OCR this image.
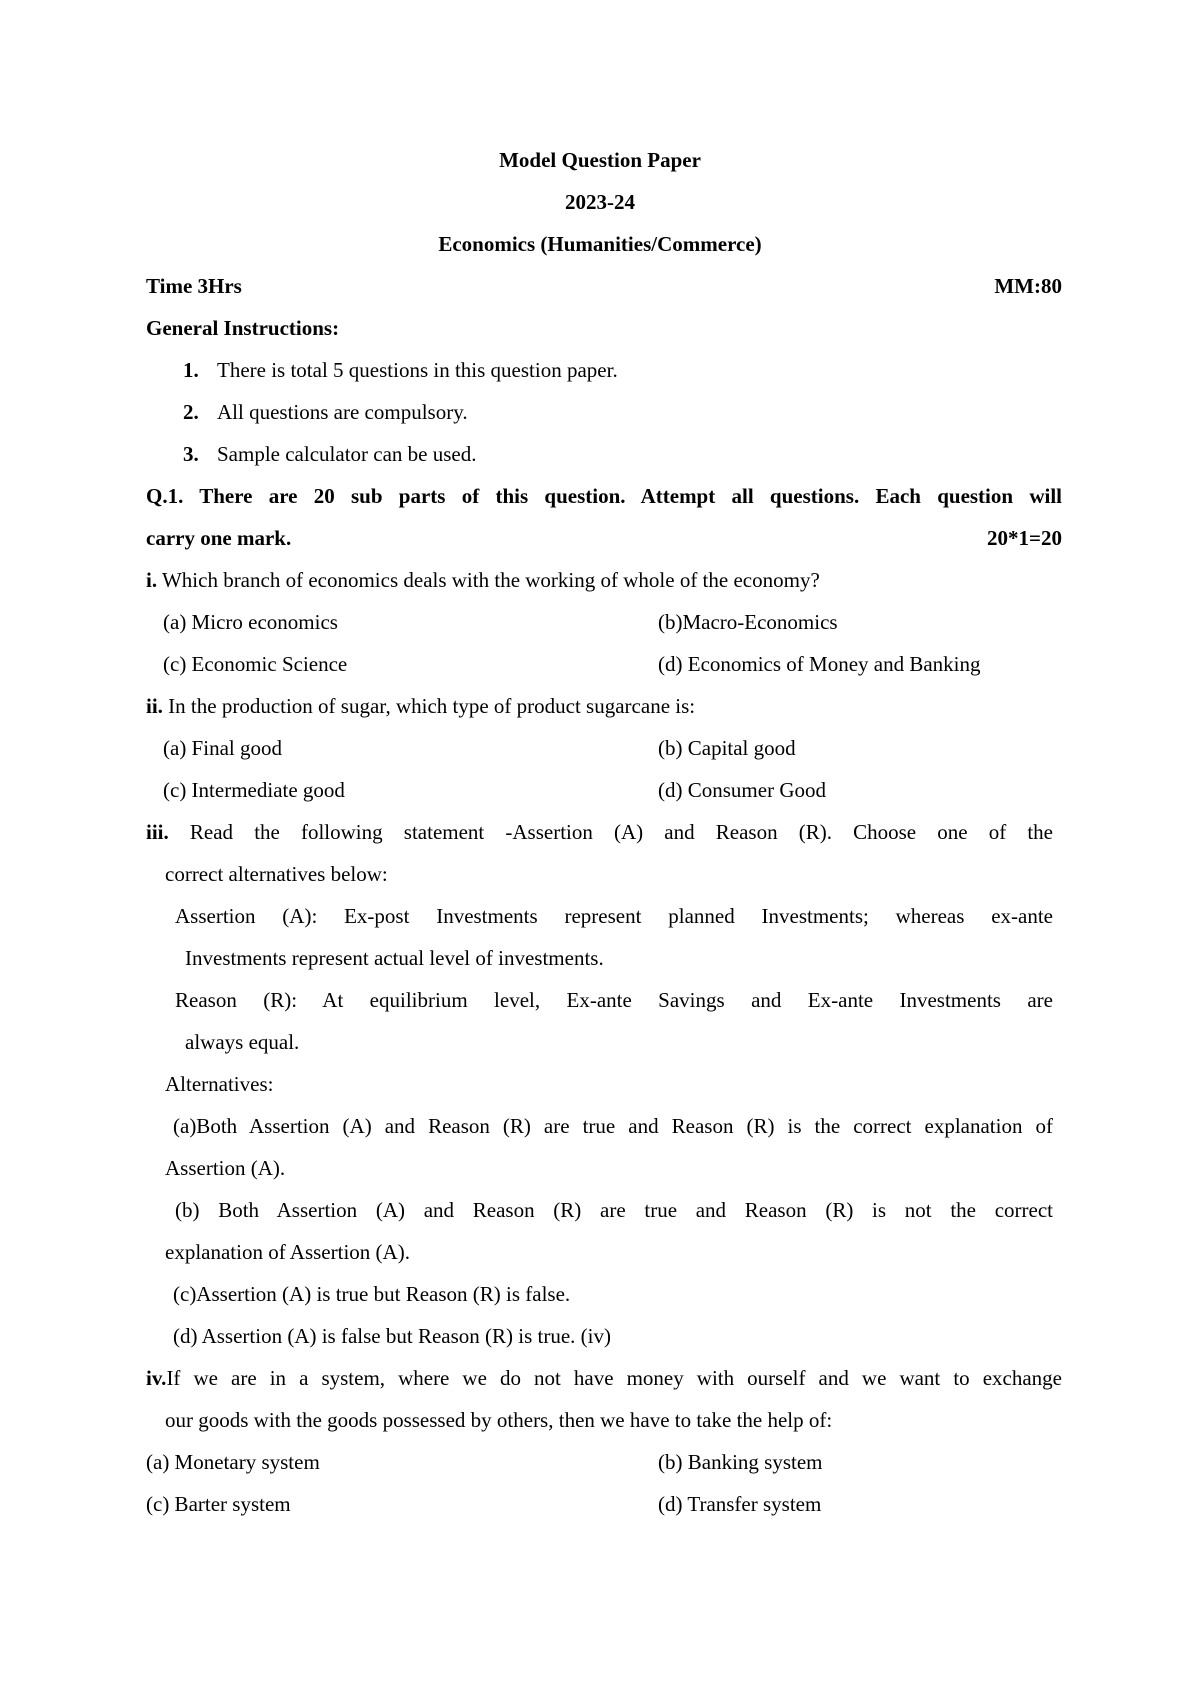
Model Question Paper
2023-24
Economics (Humanities/Commerce)
Time 3Hrs	MM:80
General Instructions:
1. There is total 5 questions in this question paper.
2. All questions are compulsory.
3. Sample calculator can be used.
Q.1. There are 20 sub parts of this question. Attempt all questions. Each question will
carry one mark.	20*1=20
i. Which branch of economics deals with the working of whole of the economy?
(a) Micro economics	(b)Macro-Economics
(c) Economic Science	(d) Economics of Money and Banking
ii. In the production of sugar, which type of product sugarcane is:
(a) Final good	(b) Capital good
(c) Intermediate good	(d) Consumer Good
iii. Read the following statement -Assertion (A) and Reason (R). Choose one of the
correct alternatives below:
Assertion (A): Ex-post Investments represent planned Investments; whereas ex-ante
Investments represent actual level of investments.
Reason (R): At equilibrium level, Ex-ante Savings and Ex-ante Investments are
always equal.
Alternatives:
(a)Both Assertion (A) and Reason (R) are true and Reason (R) is the correct explanation of
Assertion (A).
(b) Both Assertion (A) and Reason (R) are true and Reason (R) is not the correct
explanation of Assertion (A).
(c)Assertion (A) is true but Reason (R) is false.
(d) Assertion (A) is false but Reason (R) is true. (iv)
iv.If we are in a system, where we do not have money with ourself and we want to exchange
our goods with the goods possessed by others, then we have to take the help of:
(a) Monetary system	(b) Banking system
(c) Barter system	(d) Transfer system
